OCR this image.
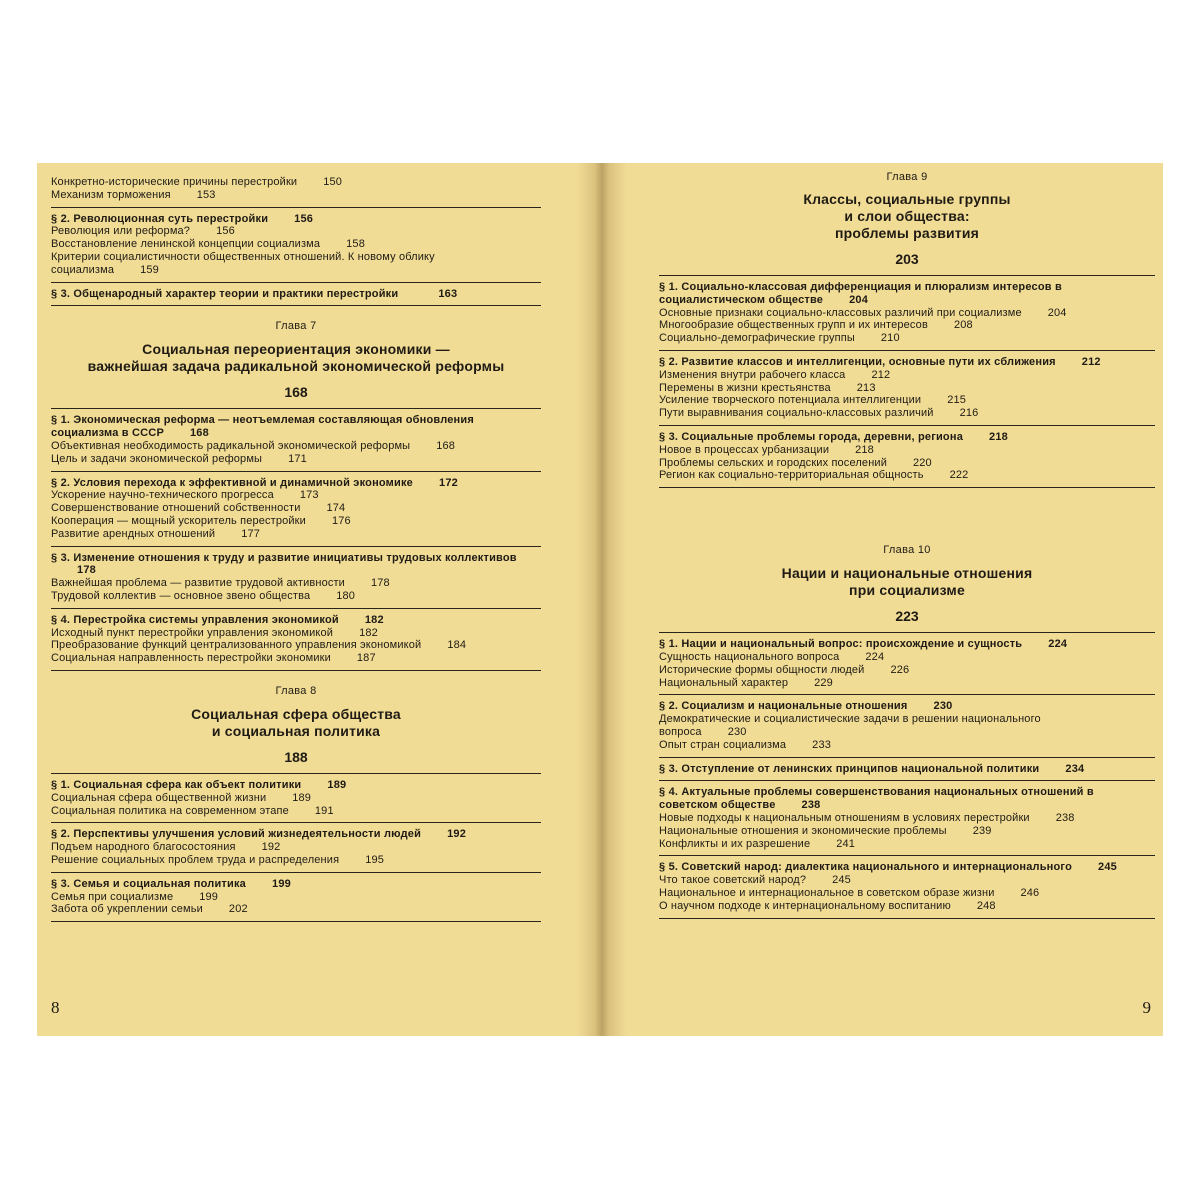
Конкретно-исторические причины перестройки 150
Механизм торможения 153
§ 2. Революционная суть перестройки 156
Революция или реформа? 156
Восстановление ленинской концепции социализма 158
Критерии социалистичности общественных отношений. К новому облику
социализма 159
§ 3. Общенародный характер теории и практики перестройки	163
Глава 7
Социальная переориентация экономики —
важнейшая задача радикальной экономической реформы
168
§ 1. Экономическая реформа — неотъемлемая составляющая обновления социализма в СССР 168
Объективная необходимость радикальной экономической реформы 168
Цель и задачи экономической реформы 171
§ 2. Условия перехода к эффективной и динамичной экономике 172
Ускорение научно-технического прогресса 173
Совершенствование отношений собственности 174
Кооперация — мощный ускоритель перестройки 176
Развитие арендных отношений 177
§ 3. Изменение отношения к труду и развитие инициативы трудовых коллективов178
Важнейшая проблема — развитие трудовой активности 178
Трудовой коллектив — основное звено общества 180
§ 4. Перестройка системы управления экономикой 182
Исходный пункт перестройки управления экономикой 182
Преобразование функций централизованного управления экономикой 184
Социальная направленность перестройки экономики 187
Глава 8
Социальная сфера общества
и социальная политика
188
§ 1. Социальная сфера как объект политики 189
Социальная сфера общественной жизни 189
Социальная политика на современном этапе 191
§ 2. Перспективы улучшения условий жизнедеятельности людей 192
Подъем народного благосостояния 192
Решение социальных проблем труда и распределения 195
§ 3. Семья и социальная политика 199
Семья при социализме 199
Забота об укреплении семьи 202
8
Глава 9
Классы, социальные группы
и слои общества:
проблемы развития
203
§ 1. Социально-классовая дифференциация и плюрализм интересов в социалистическом обществе 204
Основные признаки социально-классовых различий при социализме 204
Многообразие общественных групп и их интересов 208
Социально-демографические группы 210
§ 2. Развитие классов и интеллигенции, основные пути их сближения 212
Изменения внутри рабочего класса 212
Перемены в жизни крестьянства 213
Усиление творческого потенциала интеллигенции 215
Пути выравнивания социально-классовых различий 216
§ 3. Социальные проблемы города, деревни, региона 218
Новое в процессах урбанизации 218
Проблемы сельских и городских поселений 220
Регион как социально-территориальная общность 222
Глава 10
Нации и национальные отношения
при социализме
223
§ 1. Нации и национальный вопрос: происхождение и сущность 224
Сущность национального вопроса 224
Исторические формы общности людей 226
Национальный характер 229
§ 2. Социализм и национальные отношения 230
Демократические и социалистические задачи в решении национального
вопроса 230
Опыт стран социализма 233
§ 3. Отступление от ленинских принципов национальной политики 234
§ 4. Актуальные проблемы совершенствования национальных отношений в советском обществе 238
Новые подходы к национальным отношениям в условиях перестройки 238
Национальные отношения и экономические проблемы 239
Конфликты и их разрешение 241
§ 5. Советский народ: диалектика национального и интернационального 245
Что такое советский народ? 245
Национальное и интернациональное в советском образе жизни 246
О научном подходе к интернациональному воспитанию 248
9
